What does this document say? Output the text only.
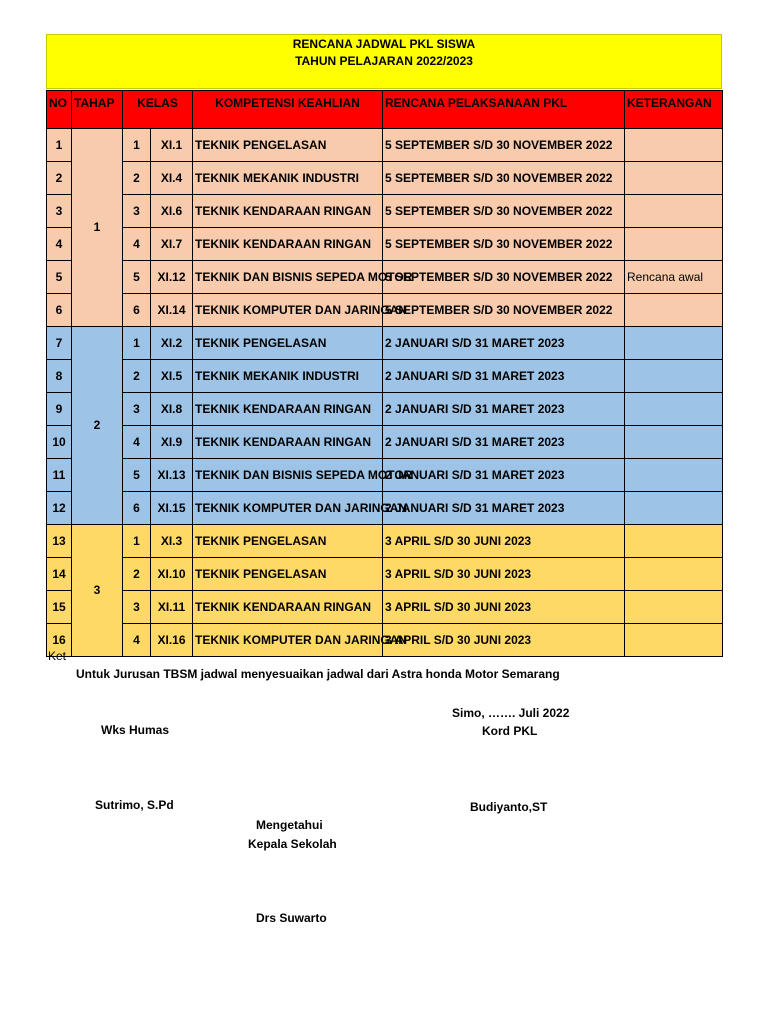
RENCANA JADWAL PKL SISWA
TAHUN PELAJARAN 2022/2023
NO	TAHAP	KELAS		KOMPETENSI KEAHLIAN	RENCANA PELAKSANAAN PKL	KETERANGAN
1	1	1	XI.1	TEKNIK PENGELASAN	5 SEPTEMBER S/D 30 NOVEMBER 2022	
2		2	XI.4	TEKNIK MEKANIK INDUSTRI	5 SEPTEMBER S/D 30 NOVEMBER 2022	
3		3	XI.6	TEKNIK KENDARAAN RINGAN	5 SEPTEMBER S/D 30 NOVEMBER 2022	
4		4	XI.7	TEKNIK KENDARAAN RINGAN	5 SEPTEMBER S/D 30 NOVEMBER 2022	
5		5	XI.12	TEKNIK DAN BISNIS SEPEDA MOTOR	5 SEPTEMBER S/D 30 NOVEMBER 2022	Rencana awal
6		6	XI.14	TEKNIK KOMPUTER DAN JARINGAN	5 SEPTEMBER S/D 30 NOVEMBER 2022	
7	2	1	XI.2	TEKNIK PENGELASAN	2 JANUARI S/D 31 MARET 2023	
8		2	XI.5	TEKNIK MEKANIK INDUSTRI	2 JANUARI S/D 31 MARET 2023	
9		3	XI.8	TEKNIK KENDARAAN RINGAN	2 JANUARI S/D 31 MARET 2023	
10		4	XI.9	TEKNIK KENDARAAN RINGAN	2 JANUARI S/D 31 MARET 2023	
11		5	XI.13	TEKNIK DAN BISNIS SEPEDA MOTOR	2 JANUARI S/D 31 MARET 2023	
12		6	XI.15	TEKNIK KOMPUTER DAN JARINGAN	2 JANUARI S/D 31 MARET 2023	
13	3	1	XI.3	TEKNIK PENGELASAN	3 APRIL S/D 30 JUNI 2023	
14		2	XI.10	TEKNIK PENGELASAN	3 APRIL S/D 30 JUNI 2023	
15		3	XI.11	TEKNIK KENDARAAN RINGAN	3 APRIL S/D 30 JUNI 2023	
16		4	XI.16	TEKNIK KOMPUTER DAN JARINGAN	3 APRIL S/D 30 JUNI 2023	
Ket
Untuk Jurusan TBSM jadwal menyesuaikan jadwal dari Astra honda Motor Semarang
Wks Humas
Sutrimo, S.Pd
Simo, ……. Juli 2022
Kord PKL
Budiyanto,ST
Mengetahui
Kepala Sekolah
Drs Suwarto
